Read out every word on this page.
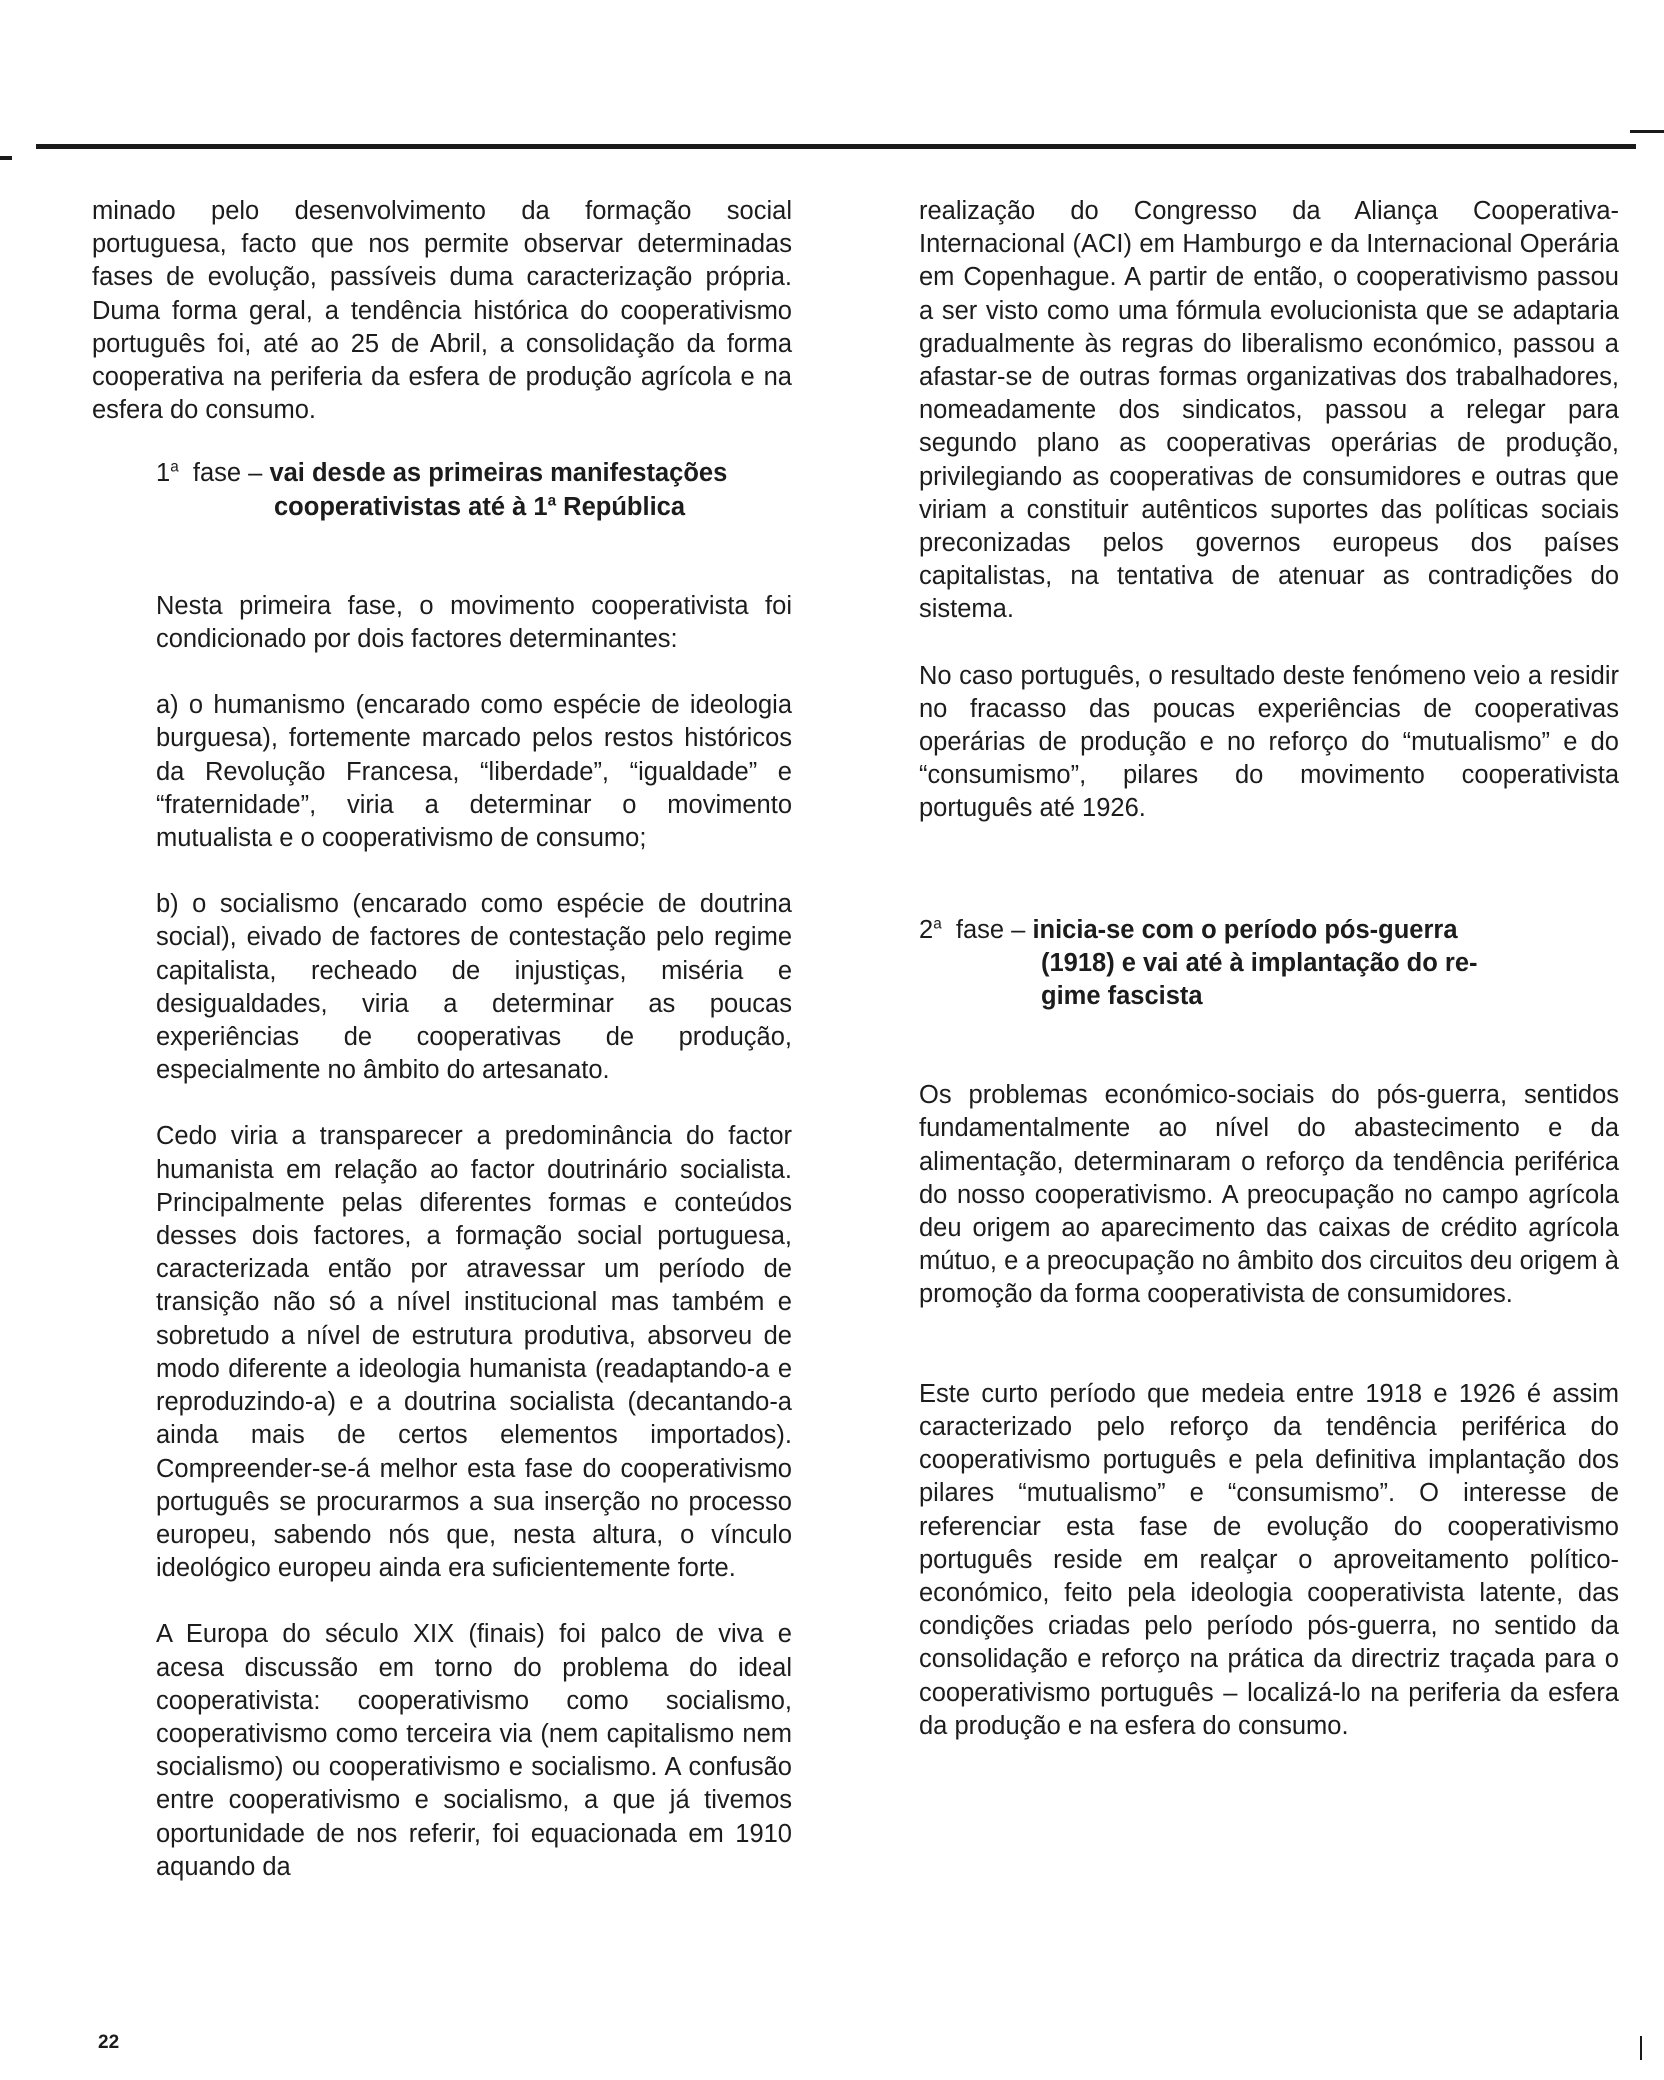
minado pelo desenvolvimento da formação social portuguesa, facto que nos permite observar determinadas fases de evolução, passíveis duma caracterização própria. Duma forma geral, a tendência histórica do cooperativismo português foi, até ao 25 de Abril, a consolidação da forma cooperativa na periferia da esfera de produção agrícola e na esfera do consumo.

1$^a$ fase – vai desde as primeiras manifestações
cooperativistas até à 1$^a$ República

Nesta primeira fase, o movimento cooperativista foi condicionado por dois factores determinantes:

a) o humanismo (encarado como espécie de ideologia burguesa), fortemente marcado pelos restos históricos da Revolução Francesa, “liberdade”, “igualdade” e “fraternidade”, viria a determinar o movimento mutualista e o cooperativismo de consumo;

b) o socialismo (encarado como espécie de doutrina social), eivado de factores de contestação pelo regime capitalista, recheado de injustiças, miséria e desigualdades, viria a determinar as poucas experiências de cooperativas de produção, especialmente no âmbito do artesanato.

Cedo viria a transparecer a predominância do factor humanista em relação ao factor doutrinário socialista. Principalmente pelas diferentes formas e conteúdos desses dois factores, a formação social portuguesa, caracterizada então por atravessar um período de transição não só a nível institucional mas também e sobretudo a nível de estrutura produtiva, absorveu de modo diferente a ideologia humanista (readaptando-a e reproduzindo-a) e a doutrina socialista (decantando-a ainda mais de certos elementos importados). Compreender-se-á melhor esta fase do cooperativismo português se procurarmos a sua inserção no processo europeu, sabendo nós que, nesta altura, o vínculo ideológico europeu ainda era suficientemente forte.

A Europa do século XIX (finais) foi palco de viva e acesa discussão em torno do problema do ideal cooperativista: cooperativismo como socialismo, cooperativismo como terceira via (nem capitalismo nem socialismo) ou cooperativismo e socialismo. A confusão entre cooperativismo e socialismo, a que já tivemos oportunidade de nos referir, foi equacionada em 1910 aquando da

realização do Congresso da Aliança Cooperativa-Internacional (ACI) em Hamburgo e da Internacional Operária em Copenhague. A partir de então, o cooperativismo passou a ser visto como uma fórmula evolucionista que se adaptaria gradualmente às regras do liberalismo económico, passou a afastar-se de outras formas organizativas dos trabalhadores, nomeadamente dos sindicatos, passou a relegar para segundo plano as cooperativas operárias de produção, privilegiando as cooperativas de consumidores e outras que viriam a constituir autênticos suportes das políticas sociais preconizadas pelos governos europeus dos países capitalistas, na tentativa de atenuar as contradições do sistema.

No caso português, o resultado deste fenómeno veio a residir no fracasso das poucas experiências de cooperativas operárias de produção e no reforço do “mutualismo” e do “consumismo”, pilares do movimento cooperativista português até 1926.

2$^a$ fase – inicia-se com o período pós-guerra
(1918) e vai até à implantação do re-
gime fascista

Os problemas económico-sociais do pós-guerra, sentidos fundamentalmente ao nível do abastecimento e da alimentação, determinaram o reforço da tendência periférica do nosso cooperativismo. A preocupação no campo agrícola deu origem ao aparecimento das caixas de crédito agrícola mútuo, e a preocupação no âmbito dos circuitos deu origem à promoção da forma cooperativista de consumidores.

Este curto período que medeia entre 1918 e 1926 é assim caracterizado pelo reforço da tendência periférica do cooperativismo português e pela definitiva implantação dos pilares “mutualismo” e “consumismo”. O interesse de referenciar esta fase de evolução do cooperativismo português reside em realçar o aproveitamento político-económico, feito pela ideologia cooperativista latente, das condições criadas pelo período pós-guerra, no sentido da consolidação e reforço na prática da directriz traçada para o cooperativismo português – localizá-lo na periferia da esfera da produção e na esfera do consumo.

22
